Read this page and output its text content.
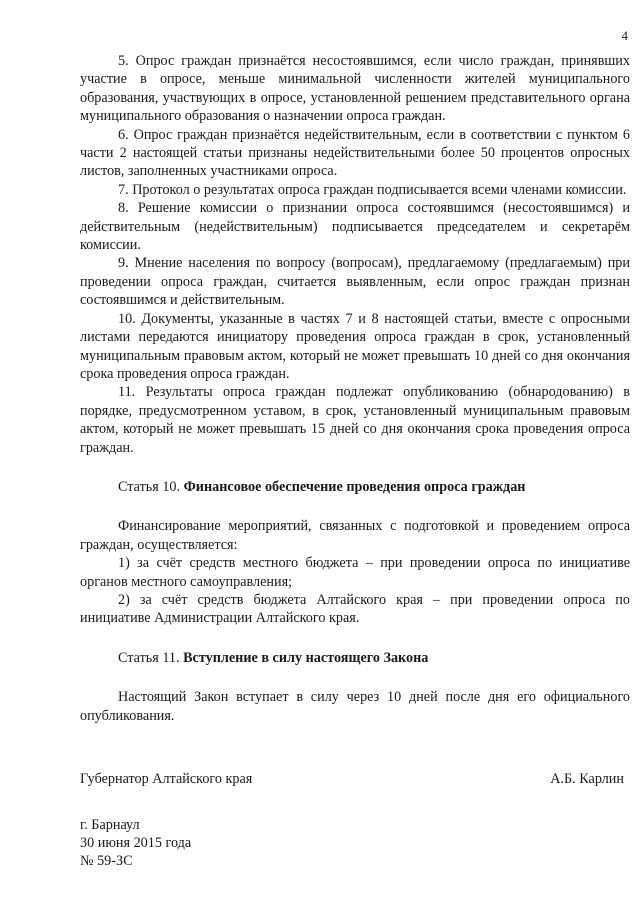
4

5. Опрос граждан признаётся несостоявшимся, если число граждан, принявших участие в опросе, меньше минимальной численности жителей муниципального образования, участвующих в опросе, установленной решением представительного органа муниципального образования о назначении опроса граждан.

6. Опрос граждан признаётся недействительным, если в соответствии с пунктом 6 части 2 настоящей статьи признаны недействительными более 50 процентов опросных листов, заполненных участниками опроса.

7. Протокол о результатах опроса граждан подписывается всеми членами комиссии.

8. Решение комиссии о признании опроса состоявшимся (несостоявшимся) и действительным (недействительным) подписывается председателем и секретарём комиссии.

9. Мнение населения по вопросу (вопросам), предлагаемому (предлагаемым) при проведении опроса граждан, считается выявленным, если опрос граждан признан состоявшимся и действительным.

10. Документы, указанные в частях 7 и 8 настоящей статьи, вместе с опросными листами передаются инициатору проведения опроса граждан в срок, установленный муниципальным правовым актом, который не может превышать 10 дней со дня окончания срока проведения опроса граждан.

11. Результаты опроса граждан подлежат опубликованию (обнародованию) в порядке, предусмотренном уставом, в срок, установленный муниципальным правовым актом, который не может превышать 15 дней со дня окончания срока проведения опроса граждан.

Статья 10. Финансовое обеспечение проведения опроса граждан

Финансирование мероприятий, связанных с подготовкой и проведением опроса граждан, осуществляется:

1) за счёт средств местного бюджета – при проведении опроса по инициативе органов местного самоуправления;

2) за счёт средств бюджета Алтайского края – при проведении опроса по инициативе Администрации Алтайского края.

Статья 11. Вступление в силу настоящего Закона

Настоящий Закон вступает в силу через 10 дней после дня его официального опубликования.

Губернатор Алтайского края	А.Б. Карлин
г. Барнаул
30 июня 2015 года
№ 59-ЗС
